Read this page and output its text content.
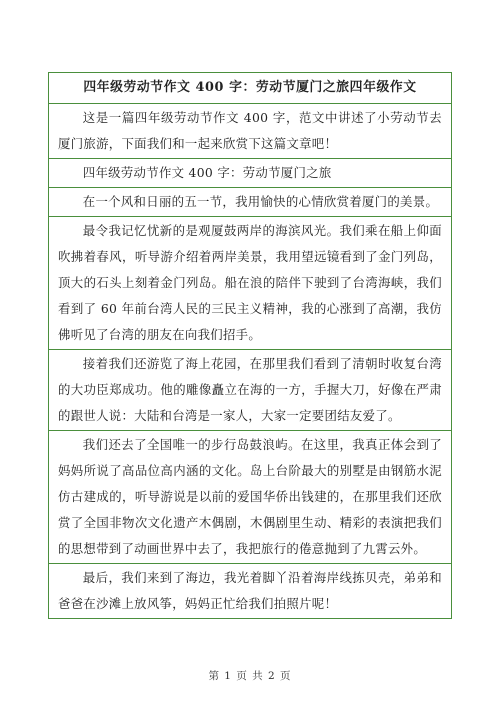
四年级劳动节作文 400 字：劳动节厦门之旅四年级作文
这是一篇四年级劳动节作文 400 字，范文中讲述了小劳动节去厦门旅游，下面我们和一起来欣赏下这篇文章吧！
四年级劳动节作文 400 字：劳动节厦门之旅
在一个风和日丽的五一节，我用愉快的心情欣赏着厦门的美景。
最令我记忆忧新的是观厦鼓两岸的海滨风光。我们乘在船上仰面吹拂着春风，听导游介绍着两岸美景，我用望远镜看到了金门列岛，顶大的石头上刻着金门列岛。船在浪的陪伴下驶到了台湾海峡，我们看到了 60 年前台湾人民的三民主义精神，我的心涨到了高潮，我仿佛听见了台湾的朋友在向我们招手。
接着我们还游览了海上花园，在那里我们看到了清朝时收复台湾的大功臣郑成功。他的雕像矗立在海的一方，手握大刀，好像在严肃的跟世人说：大陆和台湾是一家人，大家一定要团结友爱了。
我们还去了全国唯一的步行岛鼓浪屿。在这里，我真正体会到了妈妈所说了高品位高内涵的文化。岛上台阶最大的别墅是由钢筋水泥仿古建成的，听导游说是以前的爱国华侨出钱建的，在那里我们还欣赏了全国非物次文化遗产木偶剧，木偶剧里生动、精彩的表演把我们的思想带到了动画世界中去了，我把旅行的倦意抛到了九霄云外。
最后，我们来到了海边，我光着脚丫沿着海岸线拣贝壳，弟弟和爸爸在沙滩上放风筝，妈妈正忙给我们拍照片呢！
第 1 页 共 2 页
